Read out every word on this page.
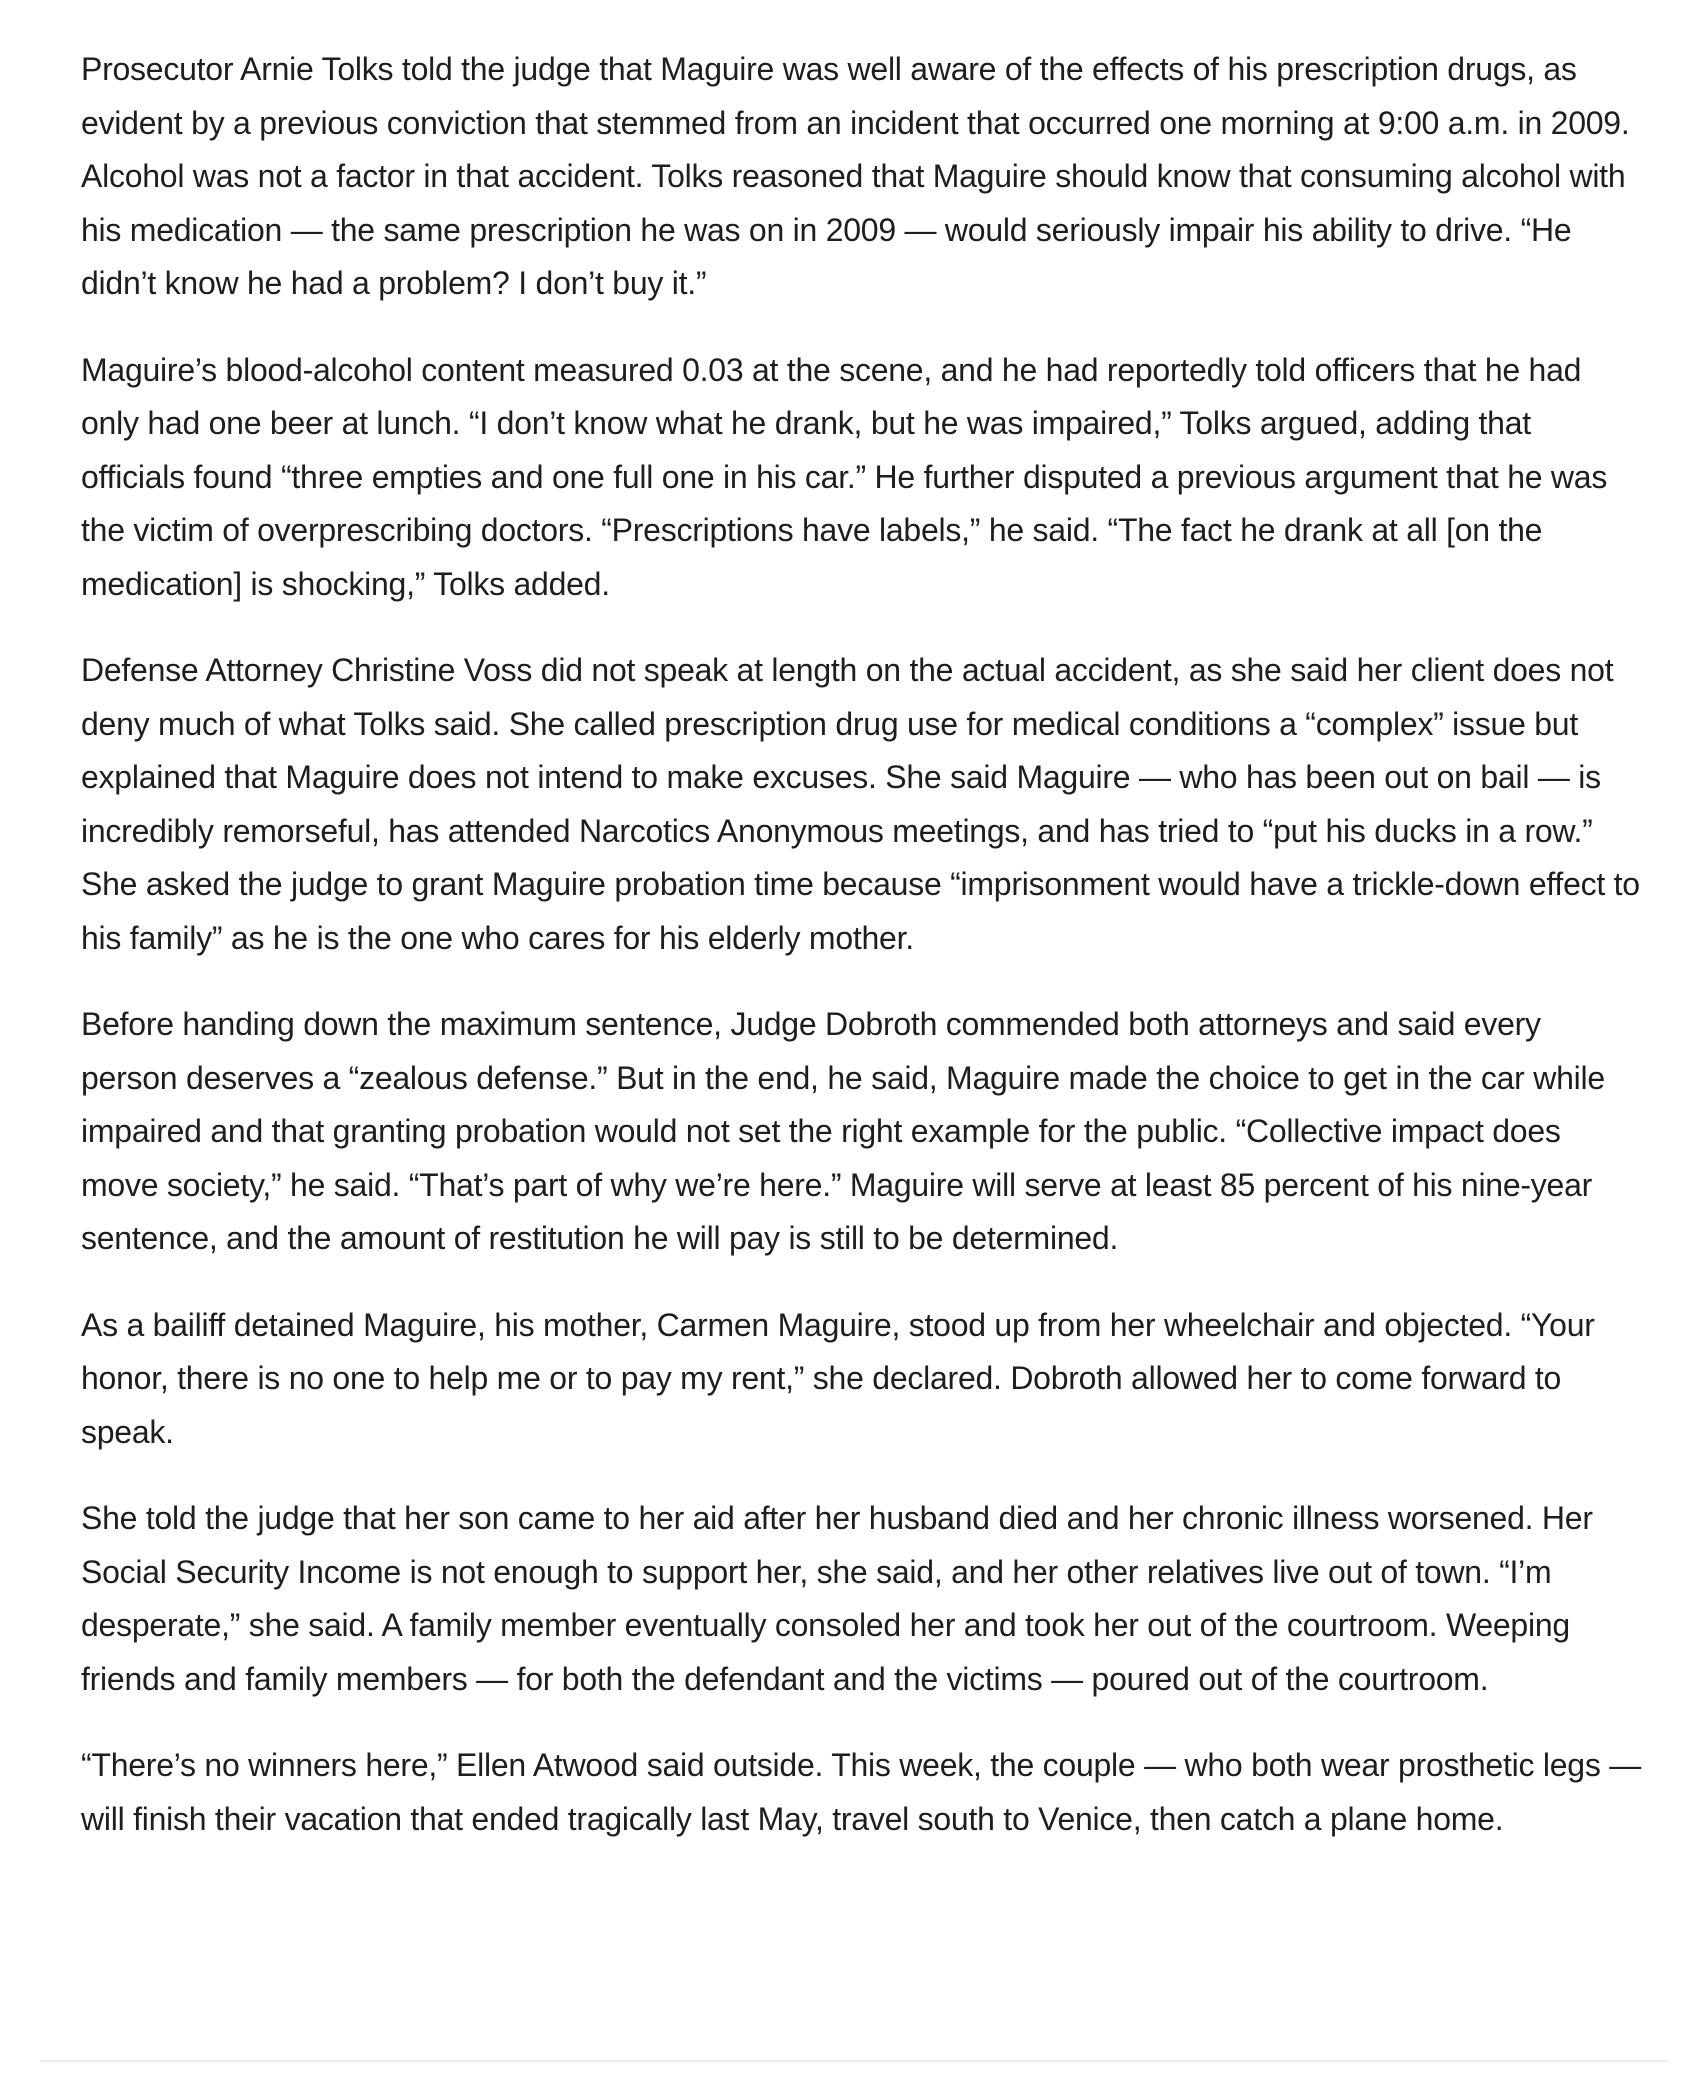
Prosecutor Arnie Tolks told the judge that Maguire was well aware of the effects of his prescription drugs, as evident by a previous conviction that stemmed from an incident that occurred one morning at 9:00 a.m. in 2009. Alcohol was not a factor in that accident. Tolks reasoned that Maguire should know that consuming alcohol with his medication — the same prescription he was on in 2009 — would seriously impair his ability to drive. “He didn’t know he had a problem? I don’t buy it.”

Maguire’s blood-alcohol content measured 0.03 at the scene, and he had reportedly told officers that he had only had one beer at lunch. “I don’t know what he drank, but he was impaired,” Tolks argued, adding that officials found “three empties and one full one in his car.” He further disputed a previous argument that he was the victim of overprescribing doctors. “Prescriptions have labels,” he said. “The fact he drank at all [on the medication] is shocking,” Tolks added.

Defense Attorney Christine Voss did not speak at length on the actual accident, as she said her client does not deny much of what Tolks said. She called prescription drug use for medical conditions a “complex” issue but explained that Maguire does not intend to make excuses. She said Maguire — who has been out on bail — is incredibly remorseful, has attended Narcotics Anonymous meetings, and has tried to “put his ducks in a row.” She asked the judge to grant Maguire probation time because “imprisonment would have a trickle-down effect to his family” as he is the one who cares for his elderly mother.

Before handing down the maximum sentence, Judge Dobroth commended both attorneys and said every person deserves a “zealous defense.” But in the end, he said, Maguire made the choice to get in the car while impaired and that granting probation would not set the right example for the public. “Collective impact does move society,” he said. “That’s part of why we’re here.” Maguire will serve at least 85 percent of his nine-year sentence, and the amount of restitution he will pay is still to be determined.

As a bailiff detained Maguire, his mother, Carmen Maguire, stood up from her wheelchair and objected. “Your honor, there is no one to help me or to pay my rent,” she declared. Dobroth allowed her to come forward to speak.

She told the judge that her son came to her aid after her husband died and her chronic illness worsened. Her Social Security Income is not enough to support her, she said, and her other relatives live out of town. “I’m desperate,” she said. A family member eventually consoled her and took her out of the courtroom. Weeping friends and family members — for both the defendant and the victims — poured out of the courtroom.

“There’s no winners here,” Ellen Atwood said outside. This week, the couple — who both wear prosthetic legs — will finish their vacation that ended tragically last May, travel south to Venice, then catch a plane home.
